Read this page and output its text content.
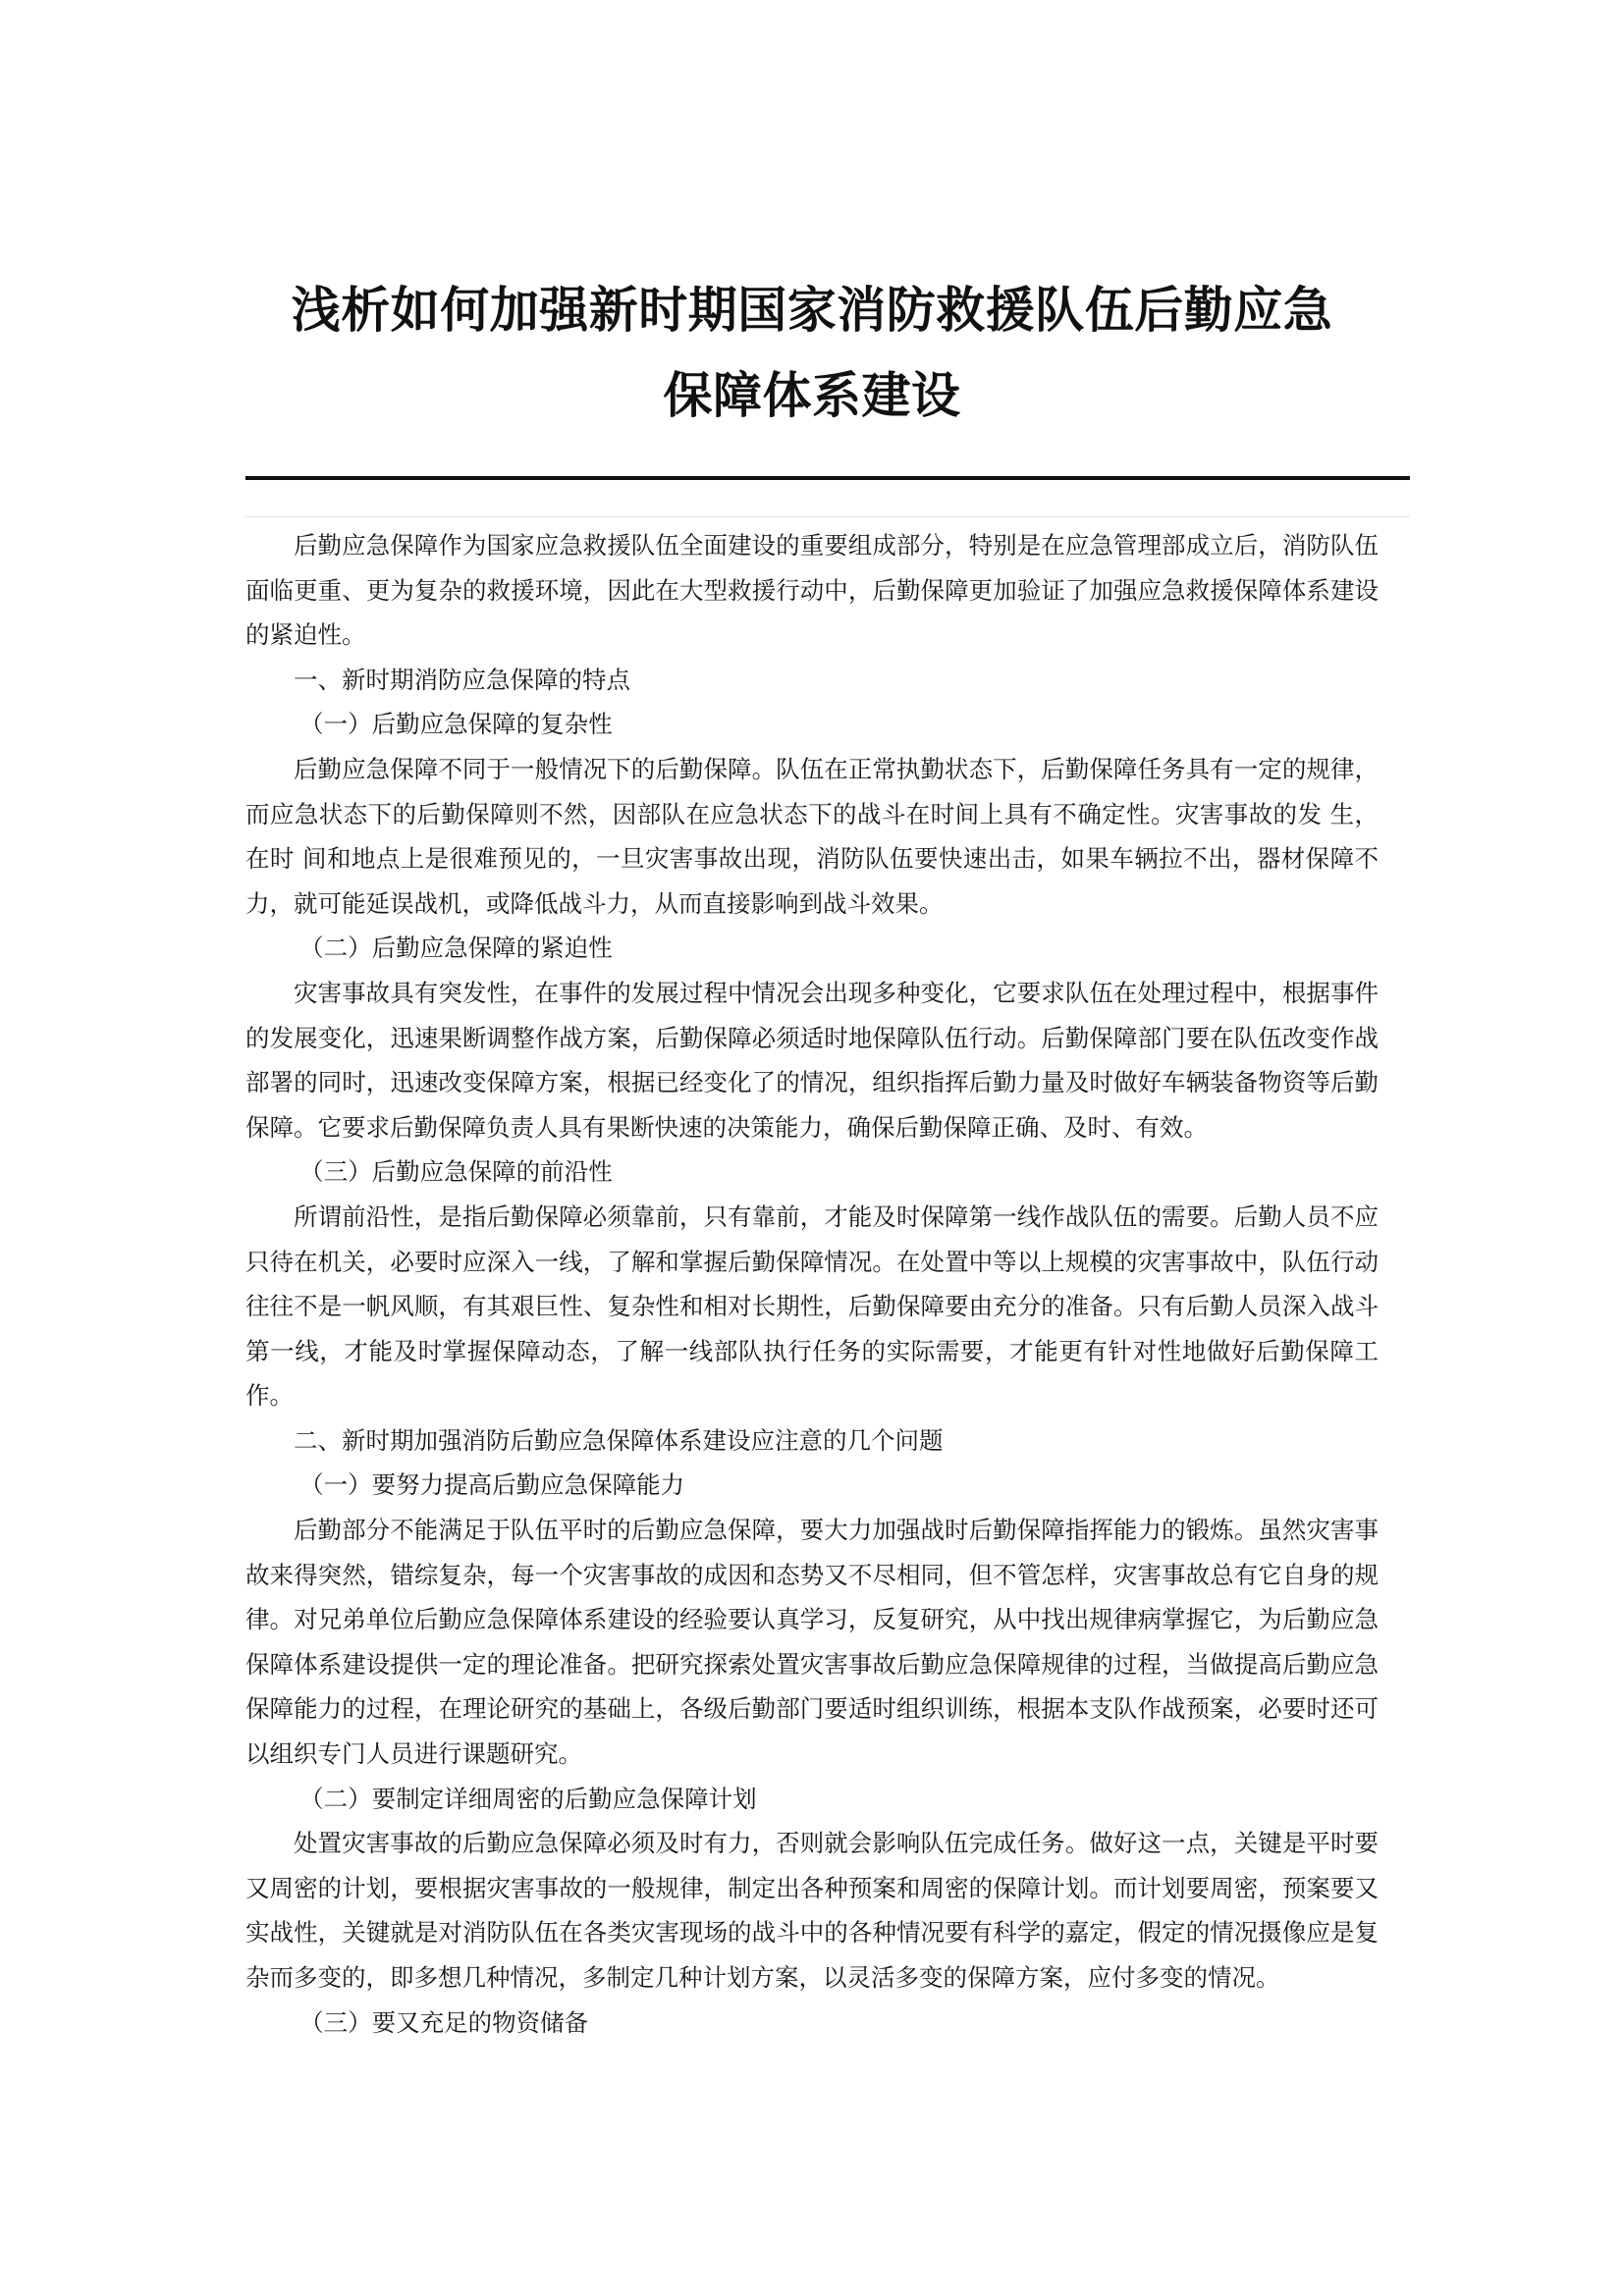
浅析如何加强新时期国家消防救援队伍后勤应急
保障体系建设

后勤应急保障作为国家应急救援队伍全面建设的重要组成部分，特别是在应急管理部成立后，消防队伍面临更重、更为复杂的救援环境，因此在大型救援行动中，后勤保障更加验证了加强应急救援保障体系建设的紧迫性。

一、新时期消防应急保障的特点

（一）后勤应急保障的复杂性

后勤应急保障不同于一般情况下的后勤保障。队伍在正常执勤状态下，后勤保障任务具有一定的规律，而应急状态下的后勤保障则不然，因部队在应急状态下的战斗在时间上具有不确定性。灾害事故的发 生，在时 间和地点上是很难预见的，一旦灾害事故出现，消防队伍要快速出击，如果车辆拉不出，器材保障不力，就可能延误战机，或降低战斗力，从而直接影响到战斗效果。

（二）后勤应急保障的紧迫性

灾害事故具有突发性，在事件的发展过程中情况会出现多种变化，它要求队伍在处理过程中，根据事件的发展变化，迅速果断调整作战方案，后勤保障必须适时地保障队伍行动。后勤保障部门要在队伍改变作战部署的同时，迅速改变保障方案，根据已经变化了的情况，组织指挥后勤力量及时做好车辆装备物资等后勤保障。它要求后勤保障负责人具有果断快速的决策能力，确保后勤保障正确、及时、有效。

（三）后勤应急保障的前沿性

所谓前沿性，是指后勤保障必须靠前，只有靠前，才能及时保障第一线作战队伍的需要。后勤人员不应只待在机关，必要时应深入一线，了解和掌握后勤保障情况。在处置中等以上规模的灾害事故中，队伍行动往往不是一帆风顺，有其艰巨性、复杂性和相对长期性，后勤保障要由充分的准备。只有后勤人员深入战斗第一线，才能及时掌握保障动态，了解一线部队执行任务的实际需要，才能更有针对性地做好后勤保障工作。

二、新时期加强消防后勤应急保障体系建设应注意的几个问题

（一）要努力提高后勤应急保障能力

后勤部分不能满足于队伍平时的后勤应急保障，要大力加强战时后勤保障指挥能力的锻炼。虽然灾害事故来得突然，错综复杂，每一个灾害事故的成因和态势又不尽相同，但不管怎样，灾害事故总有它自身的规律。对兄弟单位后勤应急保障体系建设的经验要认真学习，反复研究，从中找出规律病掌握它，为后勤应急保障体系建设提供一定的理论准备。把研究探索处置灾害事故后勤应急保障规律的过程，当做提高后勤应急保障能力的过程，在理论研究的基础上，各级后勤部门要适时组织训练，根据本支队作战预案，必要时还可以组织专门人员进行课题研究。

（二）要制定详细周密的后勤应急保障计划

处置灾害事故的后勤应急保障必须及时有力，否则就会影响队伍完成任务。做好这一点，关键是平时要又周密的计划，要根据灾害事故的一般规律，制定出各种预案和周密的保障计划。而计划要周密，预案要又实战性，关键就是对消防队伍在各类灾害现场的战斗中的各种情况要有科学的嘉定，假定的情况摄像应是复杂而多变的，即多想几种情况，多制定几种计划方案，以灵活多变的保障方案，应付多变的情况。

（三）要又充足的物资储备
